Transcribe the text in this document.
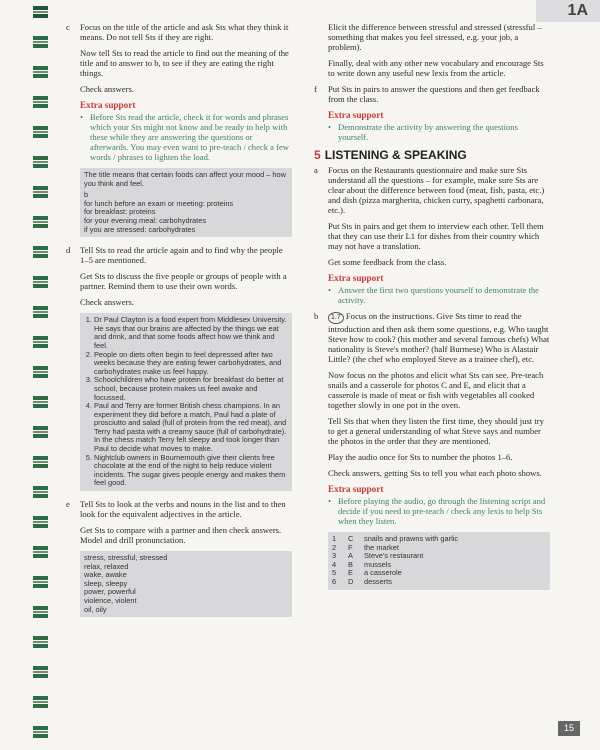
1A
c Focus on the title of the article and ask Sts what they think it means. Do not tell Sts if they are right.

Now tell Sts to read the article to find out the meaning of the title and to answer to b, to see if they are eating the right things.

Check answers.

Extra support
• Before Sts read the article, check it for words and phrases which your Sts might not know and be ready to help with these while they are answering the questions or afterwards. You may even want to pre-teach / check a few words / phrases to lighten the load.
The title means that certain foods can affect your mood – how you think and feel.
b
for lunch before an exam or meeting: proteins
for breakfast: proteins
for your evening meal: carbohydrates
if you are stressed: carbohydrates
d Tell Sts to read the article again and to find why the people 1–5 are mentioned.

Get Sts to discuss the five people or groups of people with a partner. Remind them to use their own words.

Check answers.

1. Dr Paul Clayton is a food expert from Middlesex University. He says that our brains are affected by the things we eat and drink, and that some foods affect how we think and feel.
2. People on diets often begin to feel depressed after two weeks because they are eating fewer carbohydrates, and carbohydrates make us feel happy.
3. Schoolchildren who have protein for breakfast do better at school, because protein makes us feel awake and focussed.
4. Paul and Terry are former British chess champions. In an experiment they did before a match, Paul had a plate of prosciutto and salad (full of protein from the red meat), and Terry had pasta with a creamy sauce (full of carbohydrate). In the chess match Terry felt sleepy and took longer than Paul to decide what moves to make.
5. Nightclub owners in Bournemouth give their clients free chocolate at the end of the night to help reduce violent incidents. The sugar gives people energy and makes them feel good.
e Tell Sts to look at the verbs and nouns in the list and to then look for the equivalent adjectives in the article.

Get Sts to compare with a partner and then check answers. Model and drill pronunciation.

stress, stressful, stressed
relax, relaxed
wake, awake
sleep, sleepy
power, powerful
violence, violent
oil, oily

Elicit the difference between stressful and stressed (stressful – something that makes you feel stressed, e.g. your job, a problem).

Finally, deal with any other new vocabulary and encourage Sts to write down any useful new lexis from the article.

f Put Sts in pairs to answer the questions and then get feedback from the class.

Extra support
• Demonstrate the activity by answering the questions yourself.
5 LISTENING & SPEAKING
a Focus on the Restaurants questionnaire and make sure Sts understand all the questions – for example, make sure Sts are clear about the difference between food (meat, fish, pasta, etc.) and dish (pizza margherita, chicken curry, spaghetti carbonara, etc.).

Put Sts in pairs and get them to interview each other. Tell them that they can use their L1 for dishes from their country which may not have a translation.

Get some feedback from the class.

Extra support
• Answer the first two questions yourself to demonstrate the activity.
b	1.7 Focus on the instructions. Give Sts time to read the introduction and then ask them some questions, e.g. Who taught Steve how to cook? (his mother and several famous chefs) What nationality is Steve's mother? (half Burmese) Who is Alastair Little? (the chef who employed Steve as a trainee chef), etc.

Now focus on the photos and elicit what Sts can see. Pre-teach snails and a casserole for photos C and E, and elicit that a casserole is made of meat or fish with vegetables all cooked together slowly in one pot in the oven.

Tell Sts that when they listen the first time, they should just try to get a general understanding of what Steve says and number the photos in the order that they are mentioned.

Play the audio once for Sts to number the photos 1–6.

Check answers, getting Sts to tell you what each photo shows.

Extra support
• Before playing the audio, go through the listening script and decide if you need to pre-teach / check any lexis to help Sts when they listen.
1	C	snails and prawns with garlic
2	F	the market
3	A	Steve's restaurant
4	B	mussels
5	E	a casserole
6	D	desserts
15
